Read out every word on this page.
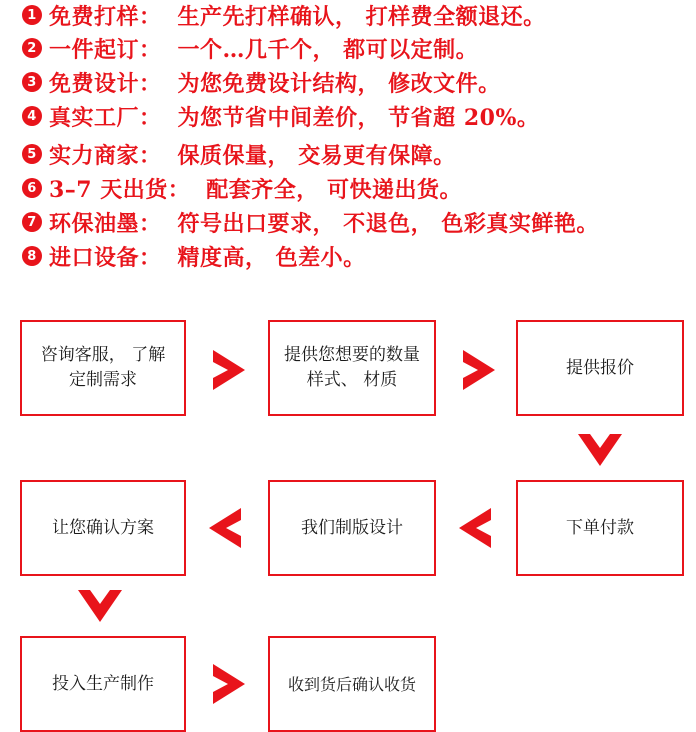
1 免费打样： 生产先打样确认， 打样费全额退还。
2 一件起订： 一个…几千个， 都可以定制。
3 免费设计： 为您免费设计结构， 修改文件。
4 真实工厂： 为您节省中间差价， 节省超 20%。
5 实力商家： 保质保量， 交易更有保障。
6 3–7 天出货： 配套齐全， 可快递出货。
7 环保油墨： 符号出口要求， 不退色， 色彩真实鲜艳。
8 进口设备： 精度高， 色差小。
咨询客服， 了解
定制需求
提供您想要的数量
样式、 材质
提供报价
让您确认方案	我们制版设计	下单付款
投入生产制作	收到货后确认收货
